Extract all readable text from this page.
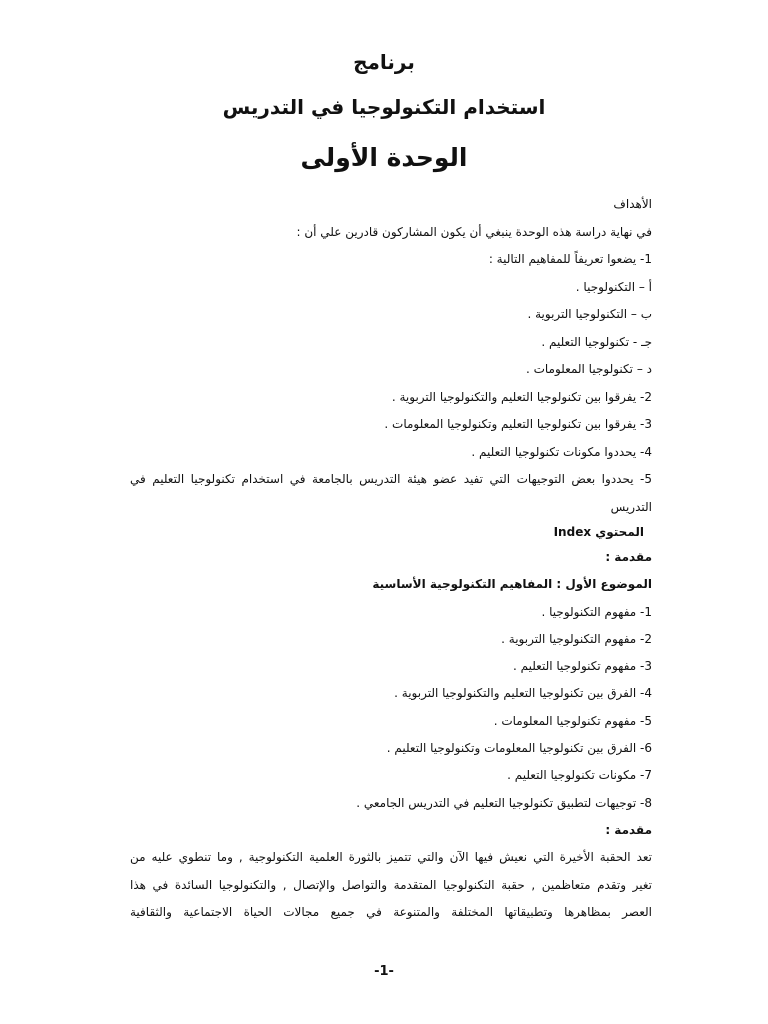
برنامج
استخدام التكنولوجيا في التدريس
الوحدة الأولى
الأهداف
في نهاية دراسة هذه الوحدة ينبغي أن يكون المشاركون قادرين علي أن :
1- يضعوا تعريفاً للمفاهيم التالية :
أ – التكنولوجيا .
ب – التكنولوجيا التربوية .
جـ - تكنولوجيا التعليم .
د – تكنولوجيا المعلومات .
2- يفرقوا بين تكنولوجيا التعليم والتكنولوجيا التربوية .
3- يفرقوا بين تكنولوجيا التعليم وتكنولوجيا المعلومات .
4- يحددوا مكونات تكنولوجيا التعليم .
5- يحددوا بعض التوجيهات التي تفيد عضو هيئة التدريس بالجامعة في استخدام تكنولوجيا التعليم في
التدريس
المحتوي Index
مقدمة :
الموضوع الأول : المفاهيم التكنولوجية الأساسية
1- مفهوم التكنولوجيا .
2- مفهوم التكنولوجيا التربوية .
3- مفهوم تكنولوجيا التعليم .
4- الفرق بين تكنولوجيا التعليم والتكنولوجيا التربوية .
5- مفهوم تكنولوجيا المعلومات .
6- الفرق بين تكنولوجيا المعلومات وتكنولوجيا التعليم .
7- مكونات تكنولوجيا التعليم .
8- توجيهات لتطبيق تكنولوجيا التعليم في التدريس الجامعي .
مقدمة :
تعد الحقبة الأخيرة التي نعيش فيها الآن والتي تتميز بالثورة العلمية التكنولوجية , وما تنطوي عليه من
تغير وتقدم متعاظمين , حقبة التكنولوجيا المتقدمة والتواصل والإتصال , والتكنولوجيا السائدة في هذا
العصر بمظاهرها وتطبيقاتها المختلفة والمتنوعة في جميع مجالات الحياة الاجتماعية والثقافية
-1-
